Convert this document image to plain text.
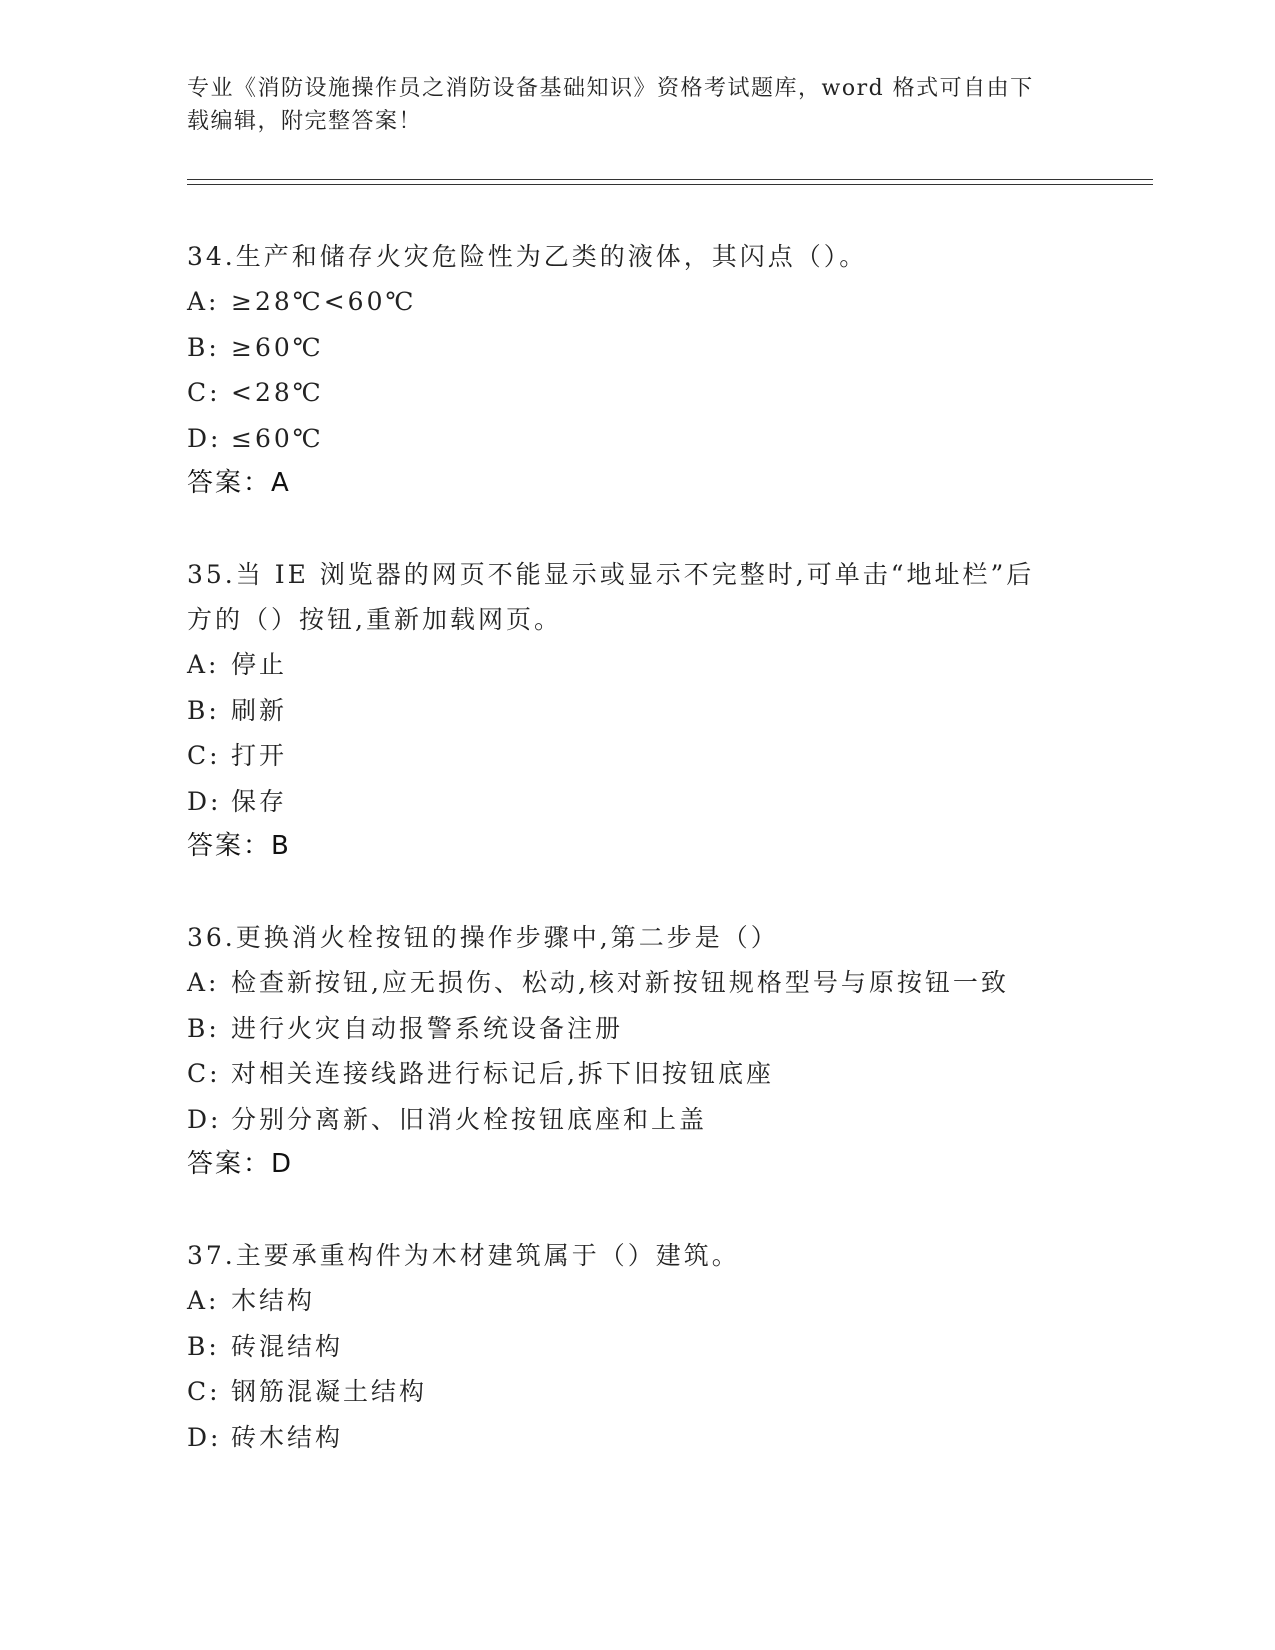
专业《消防设施操作员之消防设备基础知识》资格考试题库，word 格式可自由下
载编辑，附完整答案！

34.生产和储存火灾危险性为乙类的液体，其闪点（）。

A: ≥28℃<60℃

B: ≥60℃

C: <28℃

D: ≤60℃

答案：A

35.当 IE 浏览器的网页不能显示或显示不完整时,可单击“地址栏”后

方的（）按钮,重新加载网页。

A: 停止

B: 刷新

C: 打开

D: 保存

答案：B

36.更换消火栓按钮的操作步骤中,第二步是（）

A: 检查新按钮,应无损伤、松动,核对新按钮规格型号与原按钮一致

B: 进行火灾自动报警系统设备注册

C: 对相关连接线路进行标记后,拆下旧按钮底座

D: 分别分离新、旧消火栓按钮底座和上盖

答案：D

37.主要承重构件为木材建筑属于（）建筑。

A: 木结构

B: 砖混结构

C: 钢筋混凝土结构

D: 砖木结构
